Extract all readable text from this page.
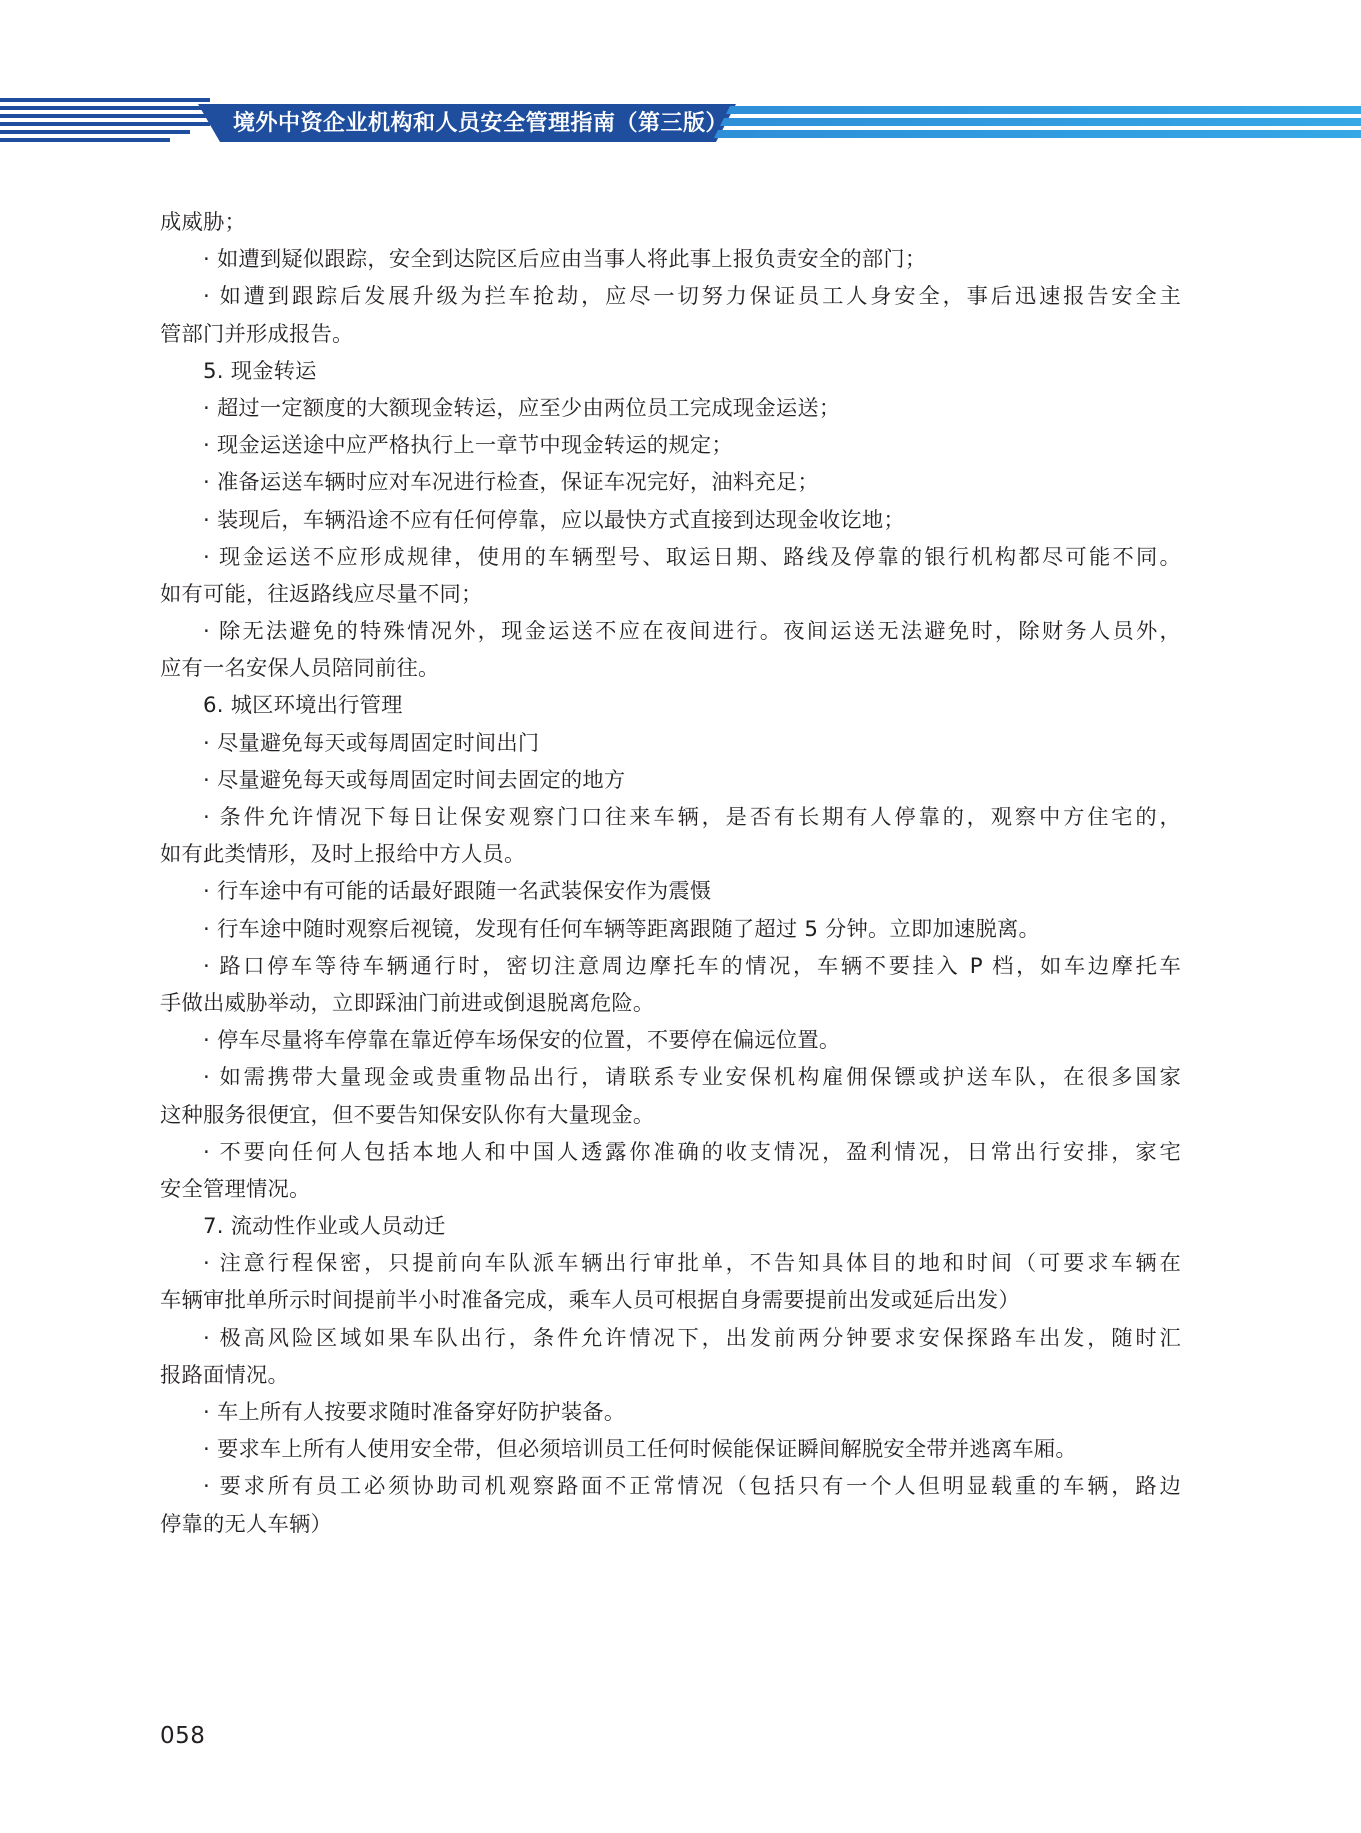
境外中资企业机构和人员安全管理指南（第三版）
成威胁；
· 如遭到疑似跟踪，安全到达院区后应由当事人将此事上报负责安全的部门；
· 如遭到跟踪后发展升级为拦车抢劫，应尽一切努力保证员工人身安全，事后迅速报告安全主
管部门并形成报告。
5. 现金转运
· 超过一定额度的大额现金转运，应至少由两位员工完成现金运送；
· 现金运送途中应严格执行上一章节中现金转运的规定；
· 准备运送车辆时应对车况进行检查，保证车况完好，油料充足；
· 装现后，车辆沿途不应有任何停靠，应以最快方式直接到达现金收讫地；
· 现金运送不应形成规律，使用的车辆型号、取运日期、路线及停靠的银行机构都尽可能不同。
如有可能，往返路线应尽量不同；
· 除无法避免的特殊情况外，现金运送不应在夜间进行。夜间运送无法避免时，除财务人员外，
应有一名安保人员陪同前往。
6. 城区环境出行管理
· 尽量避免每天或每周固定时间出门
· 尽量避免每天或每周固定时间去固定的地方
· 条件允许情况下每日让保安观察门口往来车辆，是否有长期有人停靠的，观察中方住宅的，
如有此类情形，及时上报给中方人员。
· 行车途中有可能的话最好跟随一名武装保安作为震慑
· 行车途中随时观察后视镜，发现有任何车辆等距离跟随了超过 5 分钟。立即加速脱离。
· 路口停车等待车辆通行时，密切注意周边摩托车的情况，车辆不要挂入 P 档，如车边摩托车
手做出威胁举动，立即踩油门前进或倒退脱离危险。
· 停车尽量将车停靠在靠近停车场保安的位置，不要停在偏远位置。
· 如需携带大量现金或贵重物品出行，请联系专业安保机构雇佣保镖或护送车队，在很多国家
这种服务很便宜，但不要告知保安队你有大量现金。
· 不要向任何人包括本地人和中国人透露你准确的收支情况，盈利情况，日常出行安排，家宅
安全管理情况。
7. 流动性作业或人员动迁
· 注意行程保密，只提前向车队派车辆出行审批单，不告知具体目的地和时间（可要求车辆在
车辆审批单所示时间提前半小时准备完成，乘车人员可根据自身需要提前出发或延后出发）
· 极高风险区域如果车队出行，条件允许情况下，出发前两分钟要求安保探路车出发，随时汇
报路面情况。
· 车上所有人按要求随时准备穿好防护装备。
· 要求车上所有人使用安全带，但必须培训员工任何时候能保证瞬间解脱安全带并逃离车厢。
· 要求所有员工必须协助司机观察路面不正常情况（包括只有一个人但明显载重的车辆，路边
停靠的无人车辆）
058
